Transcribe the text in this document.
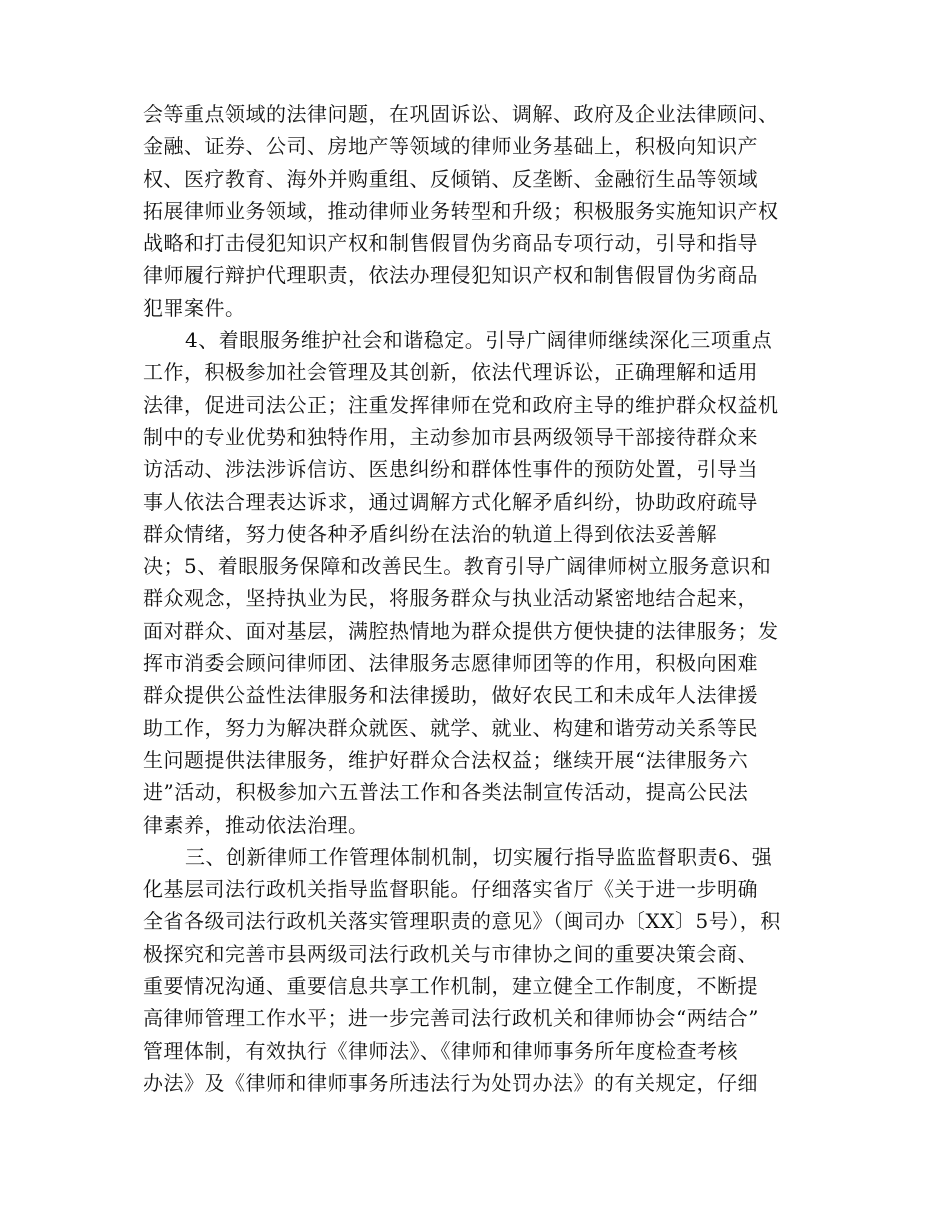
会等重点领域的法律问题，在巩固诉讼、调解、政府及企业法律顾问、
金融、证券、公司、房地产等领域的律师业务基础上，积极向知识产
权、医疗教育、海外并购重组、反倾销、反垄断、金融衍生品等领域
拓展律师业务领域，推动律师业务转型和升级；积极服务实施知识产权
战略和打击侵犯知识产权和制售假冒伪劣商品专项行动，引导和指导
律师履行辩护代理职责，依法办理侵犯知识产权和制售假冒伪劣商品
犯罪案件。
4、着眼服务维护社会和谐稳定。引导广阔律师继续深化三项重点
工作，积极参加社会管理及其创新，依法代理诉讼，正确理解和适用
法律，促进司法公正；注重发挥律师在党和政府主导的维护群众权益机
制中的专业优势和独特作用，主动参加市县两级领导干部接待群众来
访活动、涉法涉诉信访、医患纠纷和群体性事件的预防处置，引导当
事人依法合理表达诉求，通过调解方式化解矛盾纠纷，协助政府疏导
群众情绪，努力使各种矛盾纠纷在法治的轨道上得到依法妥善解
决；5、着眼服务保障和改善民生。教育引导广阔律师树立服务意识和
群众观念，坚持执业为民，将服务群众与执业活动紧密地结合起来，
面对群众、面对基层，满腔热情地为群众提供方便快捷的法律服务；发
挥市消委会顾问律师团、法律服务志愿律师团等的作用，积极向困难
群众提供公益性法律服务和法律援助，做好农民工和未成年人法律援
助工作，努力为解决群众就医、就学、就业、构建和谐劳动关系等民
生问题提供法律服务，维护好群众合法权益；继续开展“法律服务六
进”活动，积极参加六五普法工作和各类法制宣传活动，提高公民法
律素养，推动依法治理。
三、创新律师工作管理体制机制，切实履行指导监监督职责6、强
化基层司法行政机关指导监督职能。仔细落实省厅《关于进一步明确
全省各级司法行政机关落实管理职责的意见》（闽司办〔XX〕5号），积
极探究和完善市县两级司法行政机关与市律协之间的重要决策会商、
重要情况沟通、重要信息共享工作机制，建立健全工作制度，不断提
高律师管理工作水平；进一步完善司法行政机关和律师协会“两结合”
管理体制，有效执行《律师法》、《律师和律师事务所年度检查考核
办法》及《律师和律师事务所违法行为处罚办法》的有关规定，仔细
